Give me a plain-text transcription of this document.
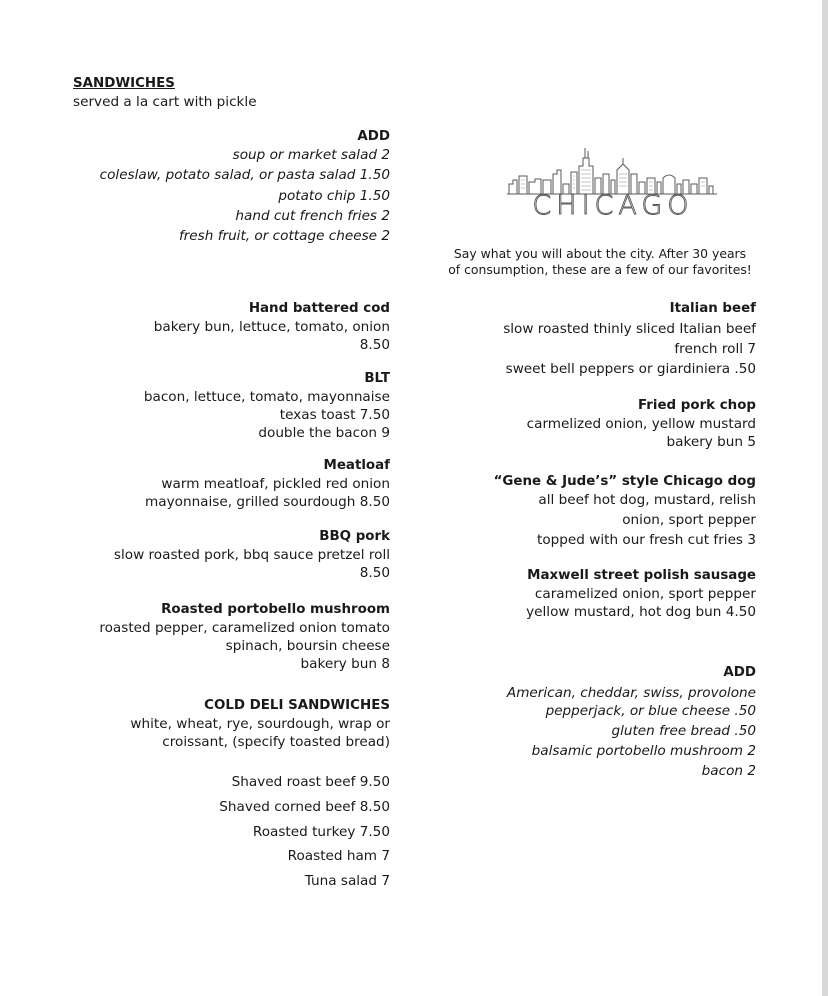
SANDWICHES
served a la cart with pickle
ADD
soup or market salad 2
coleslaw, potato salad, or pasta salad 1.50
potato chip 1.50
hand cut french fries 2
fresh fruit, or cottage cheese 2
CHICAGO
Say what you will about the city. After 30 years
of consumption, these are a few of our favorites!
Hand battered cod
bakery bun, lettuce, tomato, onion
8.50
BLT
bacon, lettuce, tomato, mayonnaise
texas toast 7.50
double the bacon 9
Meatloaf
warm meatloaf, pickled red onion
mayonnaise, grilled sourdough 8.50
BBQ pork
slow roasted pork, bbq sauce pretzel roll
8.50
Roasted portobello mushroom
roasted pepper, caramelized onion tomato
spinach, boursin cheese
bakery bun 8
COLD DELI SANDWICHES
white, wheat, rye, sourdough, wrap or
croissant, (specify toasted bread)
Shaved roast beef 9.50
Shaved corned beef 8.50
Roasted turkey 7.50
Roasted ham 7
Tuna salad 7
Italian beef
slow roasted thinly sliced Italian beef
french roll 7
sweet bell peppers or giardiniera .50
Fried pork chop
carmelized onion, yellow mustard
bakery bun 5
“Gene & Jude’s” style Chicago dog
all beef hot dog, mustard, relish
onion, sport pepper
topped with our fresh cut fries 3
Maxwell street polish sausage
caramelized onion, sport pepper
yellow mustard, hot dog bun 4.50
ADD
American, cheddar, swiss, provolone
pepperjack, or blue cheese .50
gluten free bread .50
balsamic portobello mushroom 2
bacon 2
